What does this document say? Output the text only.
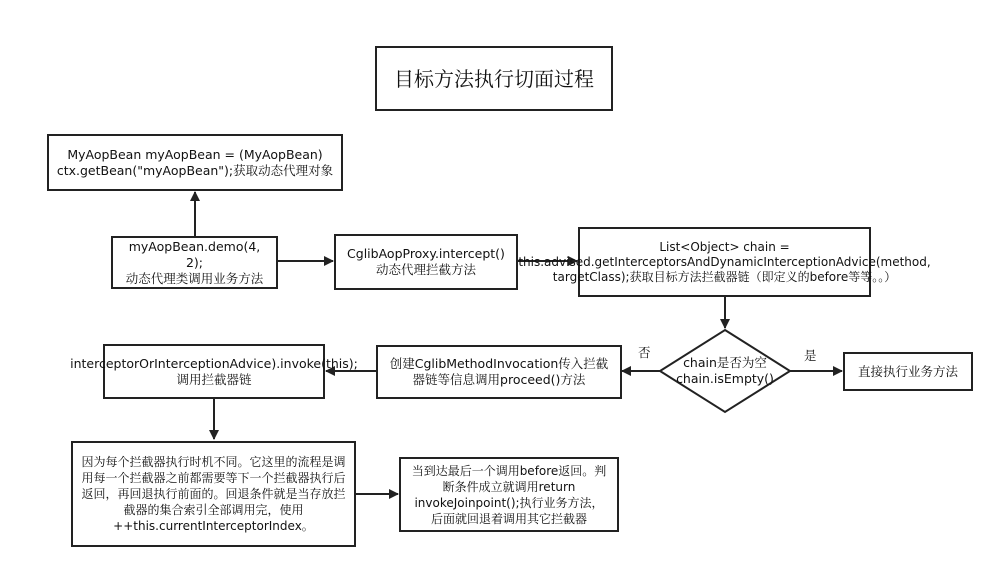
目标方法执行切面过程
MyAopBean myAopBean = (MyAopBean) ctx.getBean("myAopBean");获取动态代理对象
myAopBean.demo(4, 2);
动态代理类调用业务方法
CglibAopProxy.intercept()
动态代理拦截方法
List<Object> chain = this.advised.getInterceptorsAndDynamicInterceptionAdvice(method, targetClass);获取目标方法拦截器链（即定义的before等等。。）
chain是否为空
chain.isEmpty()
否	是
直接执行业务方法
创建CglibMethodInvocation传入拦截器链等信息调用proceed()方法
interceptorOrInterceptionAdvice).invoke(this);调用拦截器链
因为每个拦截器执行时机不同。它这里的流程是调用每一个拦截器之前都需要等下一个拦截器执行后返回，再回退执行前面的。回退条件就是当存放拦截器的集合索引全部调用完，使用++this.currentInterceptorIndex。
当到达最后一个调用before返回。判断条件成立就调用return invokeJoinpoint();执行业务方法，后面就回退着调用其它拦截器
